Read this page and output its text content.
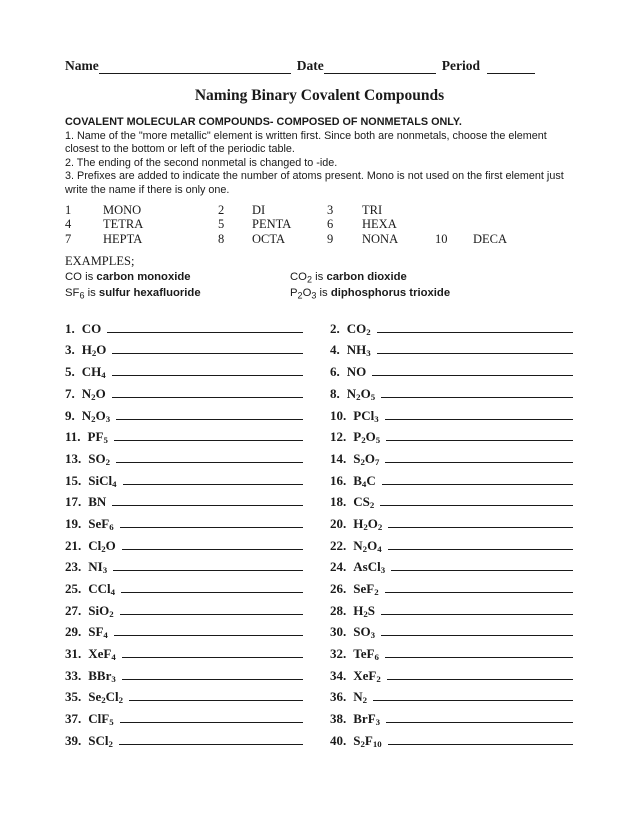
Name	Date	Period
Naming Binary Covalent Compounds

COVALENT MOLECULAR COMPOUNDS- COMPOSED OF NONMETALS ONLY.

1. Name of the "more metallic" element is written first. Since both are nonmetals, choose the element closest to the bottom or left of the periodic table.

2. The ending of the second nonmetal is changed to -ide.

3. Prefixes are added to indicate the number of atoms present. Mono is not used on the first element just write the name if there is only one.

1	MONO	2	DI	3	TRI
4	TETRA	5	PENTA	6	HEXA
7	HEPTA	8	OCTA	9	NONA	10	DECA

EXAMPLES;

CO is carbon monoxide	$CO_2$ is carbon dioxide
$SF_6$ is sulfur hexafluoride	$P_2O_3$ is diphosphorus trioxide
1. CO	2. $CO_2$
3. $H_2O$	4. $NH_3$
5. $CH_4$	6. NO
7. $N_2O$	8. $N_2O_5$
9. $N_2O_3$	10. PCl$_3$
11. $PF_5$	12. $P_2O_5$
13. $SO_2$	14. $S_2O_7$
15. SiCl$_4$	16. $B_4C$
17. BN	18. $CS_2$
19. SeF$_6$	20. $H_2O_2$
21. $Cl_2O$	22. $N_2O_4$
23. $NI_3$	24. AsCl$_3$
25. CCl$_4$	26. SeF$_2$
27. SiO$_2$	28. $H_2S$
29. $SF_4$	30. $SO_3$
31. XeF$_4$	32. TeF$_6$
33. BBr$_3$	34. XeF$_2$
35. $Se_2Cl_2$	36. $N_2$
37. ClF$_5$	38. BrF$_3$
39. SCl$_2$	40. $S_2F_{10}$
